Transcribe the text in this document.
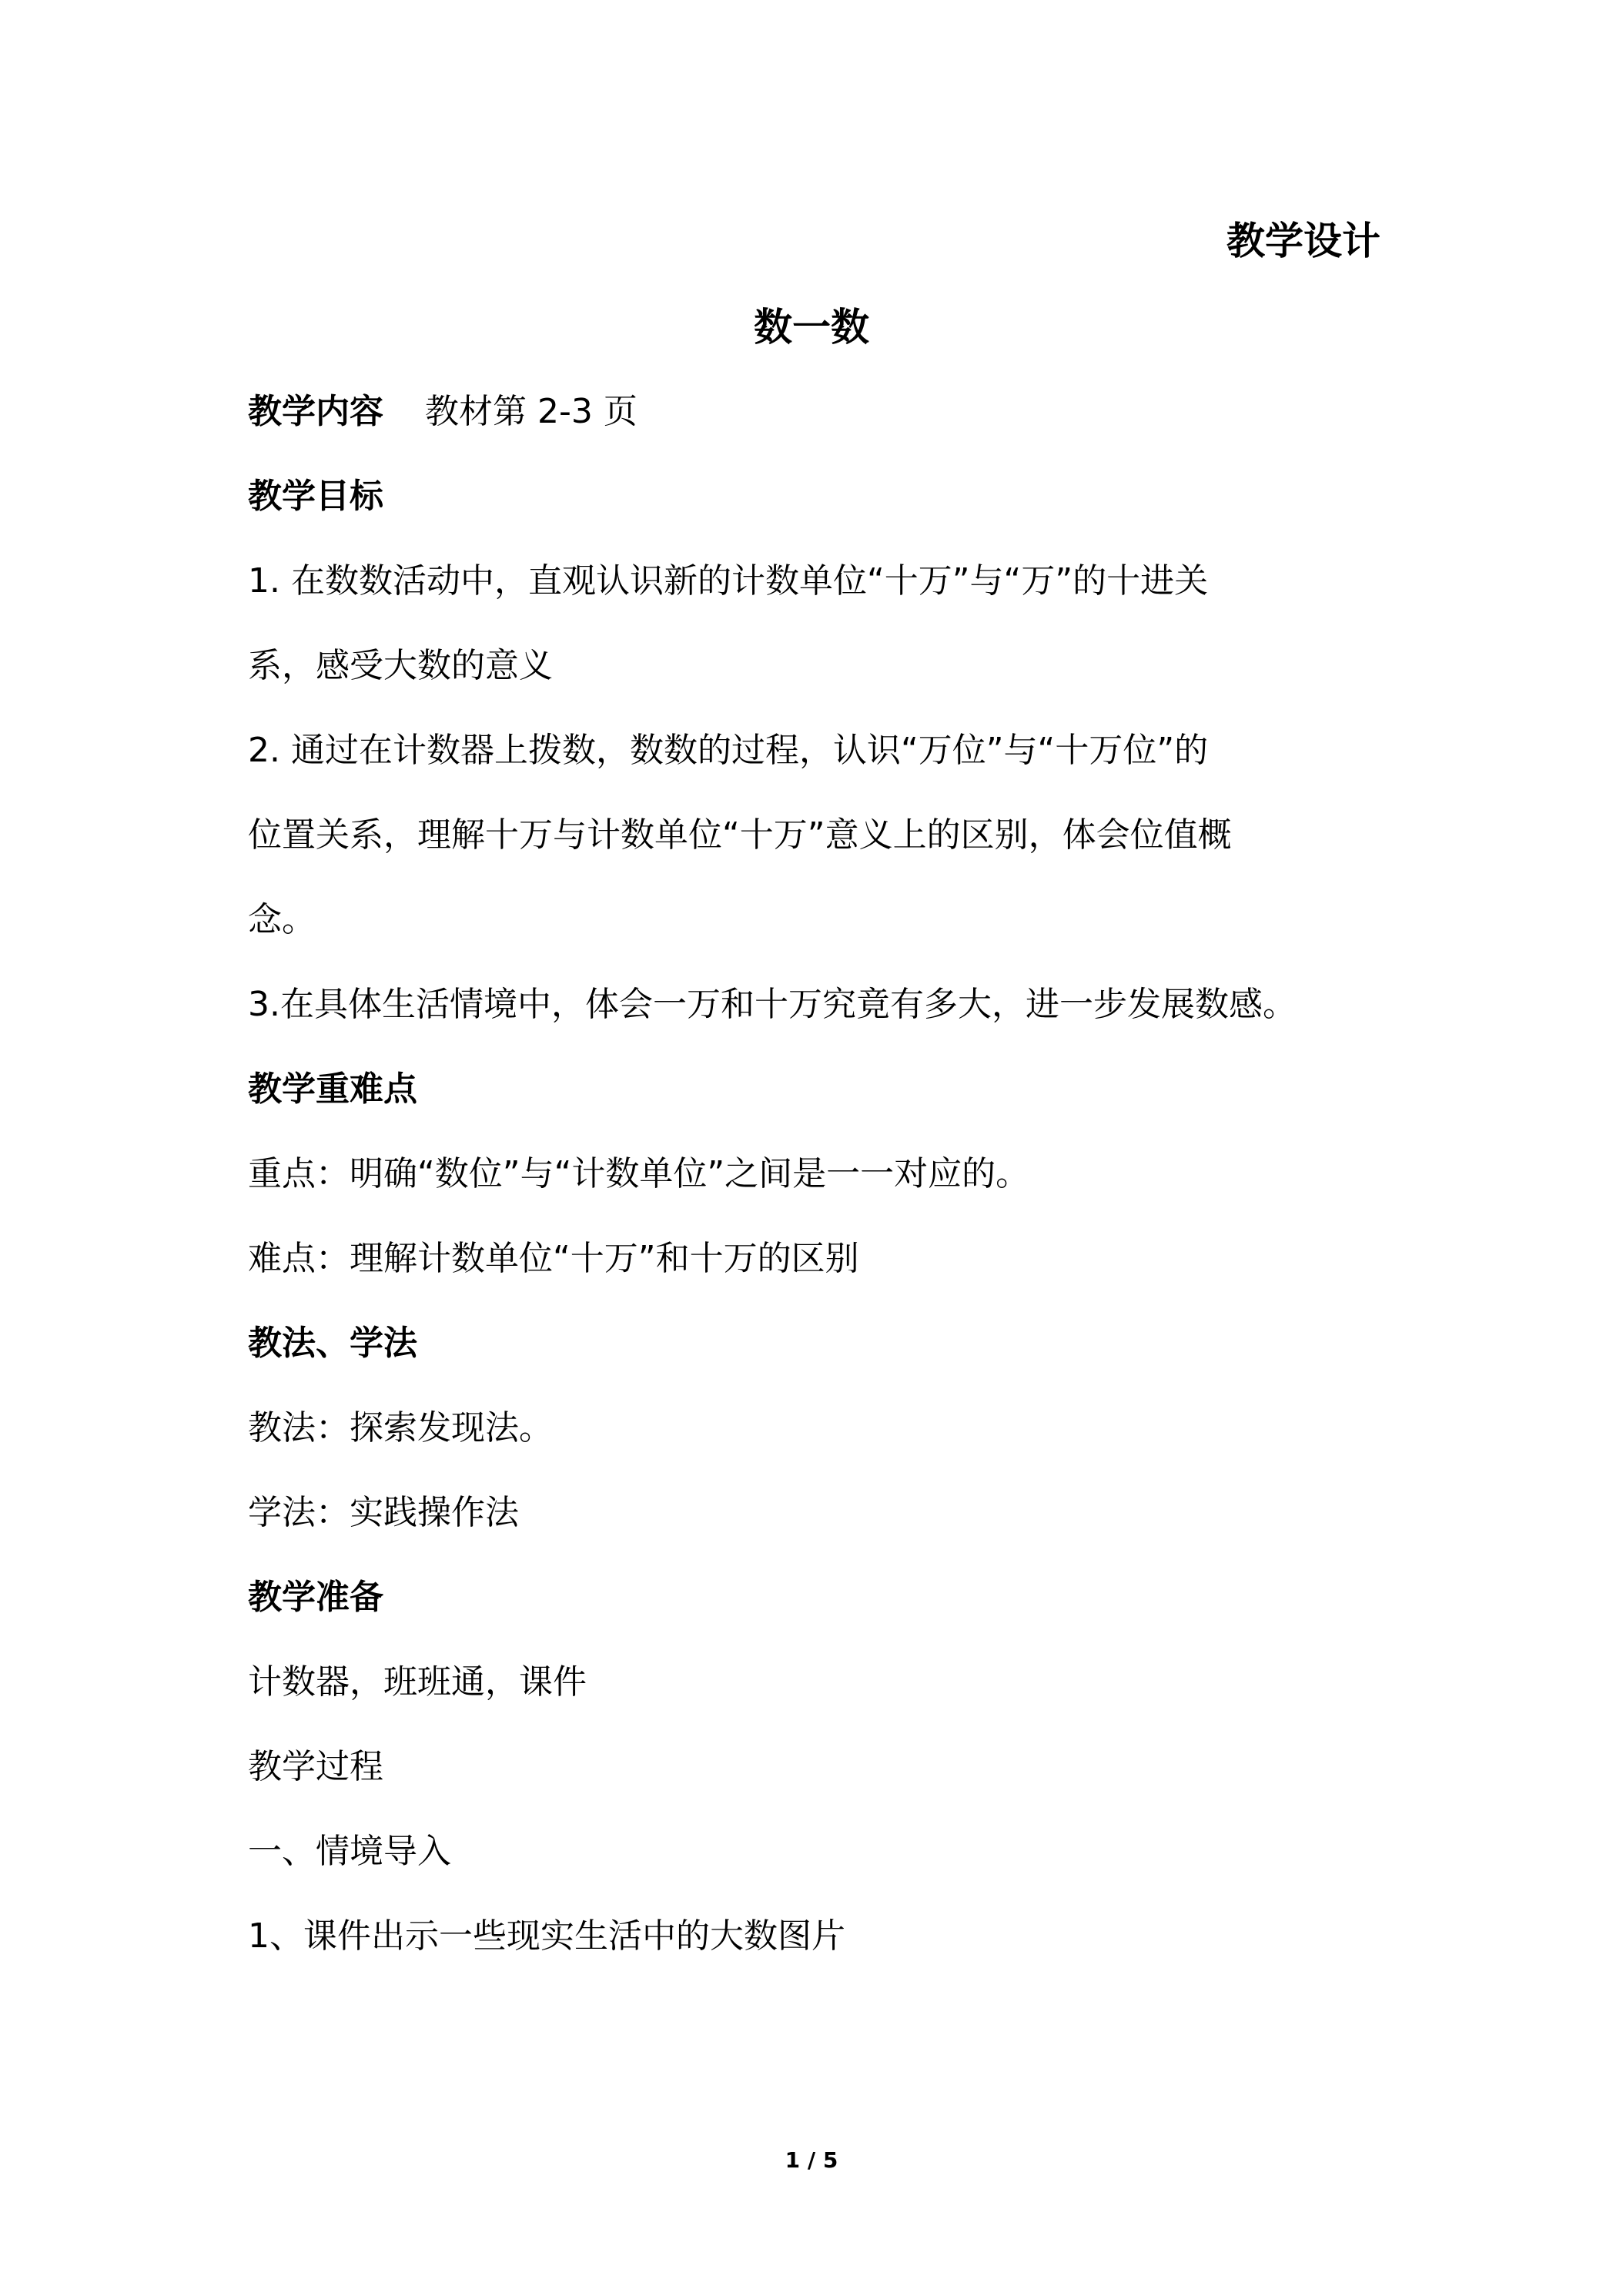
教学设计
数一数
教学内容 教材第 2-3 页
教学目标
1. 在数数活动中，直观认识新的计数单位“十万”与“万”的十进关
系，感受大数的意义
2. 通过在计数器上拨数，数数的过程，认识“万位”与“十万位”的
位置关系，理解十万与计数单位“十万”意义上的区别，体会位值概
念。
3.在具体生活情境中，体会一万和十万究竟有多大，进一步发展数感。
教学重难点
重点：明确“数位”与“计数单位”之间是一一对应的。
难点：理解计数单位“十万”和十万的区别
教法、学法
教法：探索发现法。
学法：实践操作法
教学准备
计数器，班班通，课件
教学过程
一、情境导入
1、课件出示一些现实生活中的大数图片
1 / 5
